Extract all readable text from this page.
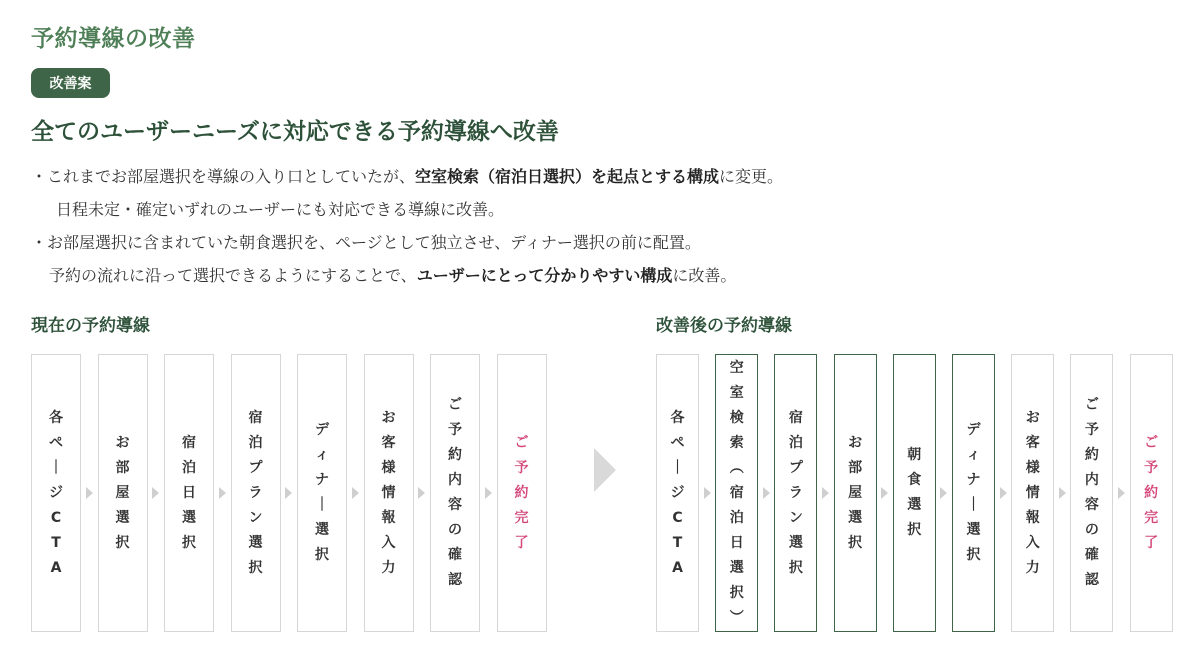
予約導線の改善
改善案
全てのユーザーニーズに対応できる予約導線へ改善
・これまでお部屋選択を導線の入り口としていたが、空室検索（宿泊日選択）を起点とする構成に変更。
日程未定・確定いずれのユーザーにも対応できる導線に改善。
・お部屋選択に含まれていた朝食選択を、ページとして独立させ、ディナー選択の前に配置。
予約の流れに沿って選択できるようにすることで、ユーザーにとって分かりやすい構成に改善。
現在の予約導線	改善後の予約導線
各
ペ
｜
ジ
C
T
A
お
部
屋
選
択
宿
泊
日
選
択
宿
泊
プ
ラ
ン
選
択
デ
ィ
ナ
｜
選
択
お
客
様
情
報
入
力
ご
予
約
内
容
の
確
認
ご
予
約
完
了
各
ペ
｜
ジ
C
T
A
空
室
検
索
︵
宿
泊
日
選
択
︶
宿
泊
プ
ラ
ン
選
択
お
部
屋
選
択
朝
食
選
択
デ
ィ
ナ
｜
選
択
お
客
様
情
報
入
力
ご
予
約
内
容
の
確
認
ご
予
約
完
了
